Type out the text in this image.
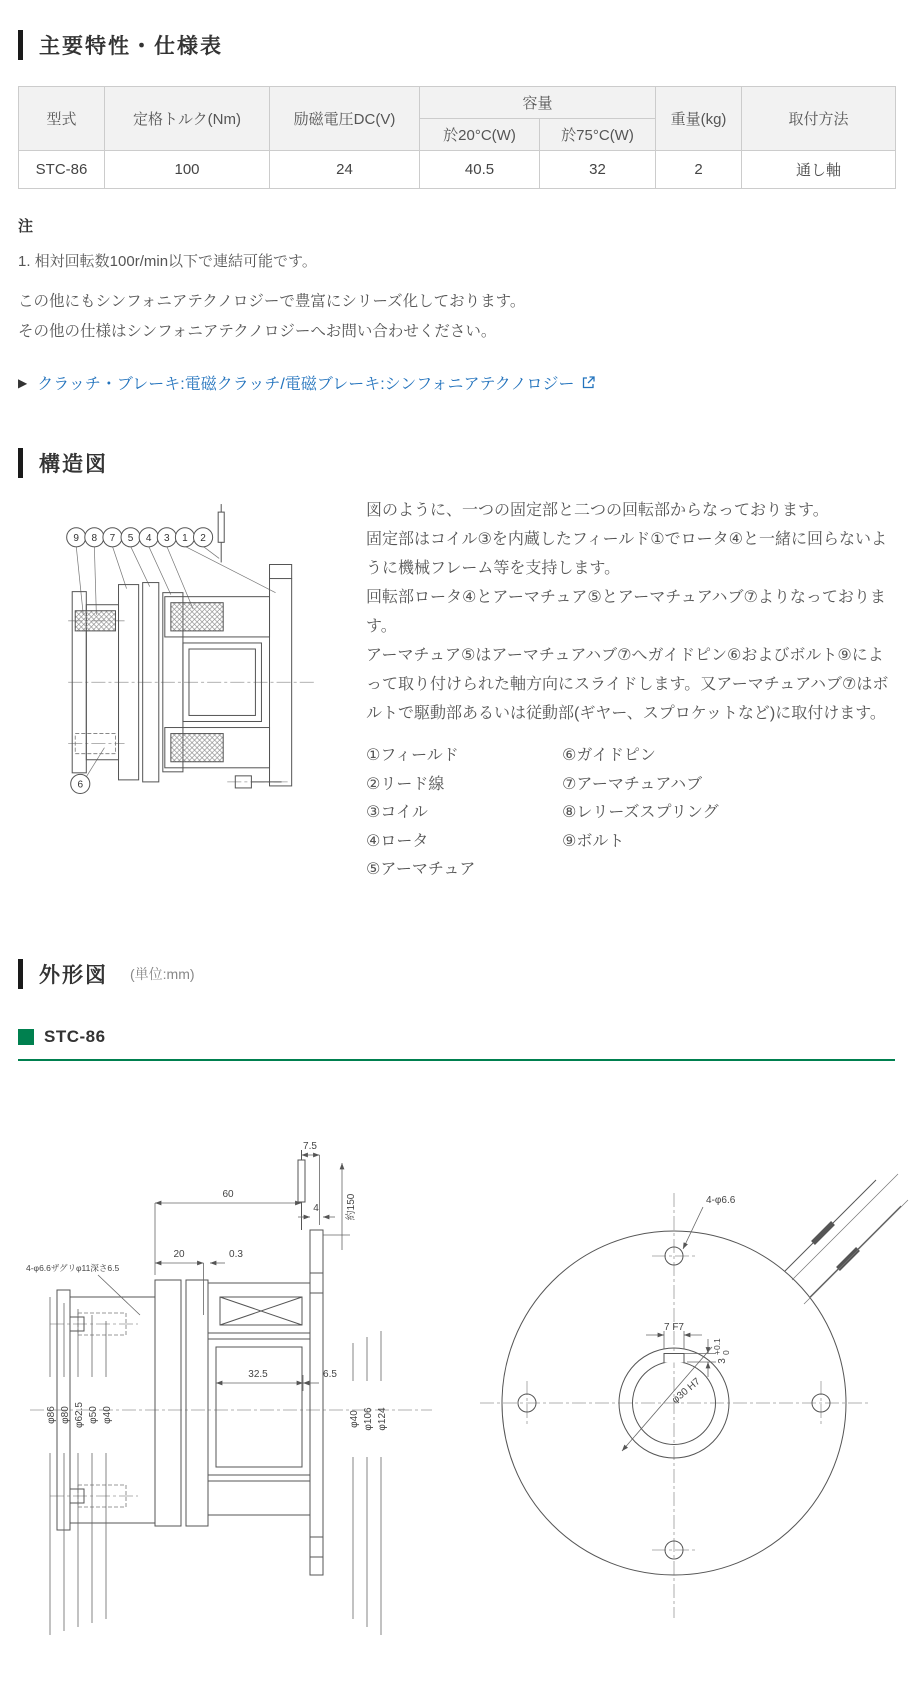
主要特性・仕様表
型式	定格トルク(Nm)	励磁電圧DC(V)	容量		重量(kg)	取付方法
			於20°C(W)	於75°C(W)		
STC-86	100	24	40.5	32	2	通し軸
注
1. 相対回転数100r/min以下で連結可能です。

この他にもシンフォニアテクノロジーで豊富にシリーズ化しております。

その他の仕様はシンフォニアテクノロジーへお問い合わせください。

▶ クラッチ・ブレーキ:電磁クラッチ/電磁ブレーキ:シンフォニアテクノロジー
構造図
9 8 7 5 4 3 1 2
6

図のように、一つの固定部と二つの回転部からなっております。

固定部はコイル③を内蔵したフィールド①でロータ④と一緒に回らないように機械フレーム等を支持します。

回転部ロータ④とアーマチュア⑤とアーマチュアハブ⑦よりなっております。

アーマチュア⑤はアーマチュアハブ⑦へガイドピン⑥およびボルト⑨によって取り付けられた軸方向にスライドします。又アーマチュアハブ⑦はボルトで駆動部あるいは従動部(ギヤー、スプロケットなど)に取付けます。

①フィールド
②リード線
③コイル
④ロータ
⑤アーマチュア
⑥ガイドピン
⑦アーマチュアハブ
⑧レリーズスプリング
⑨ボルト
外形図 (単位:mm)
STC-86
7.5
60
4	約150
20	0.3
4-φ6.6ザグリφ11深さ6.5
32.5	6.5
φ86 φ80 φ62.5 φ50 φ40	φ40 φ106 φ124
4-φ6.6
7 F7
3
+0.1 0
φ30 H7
